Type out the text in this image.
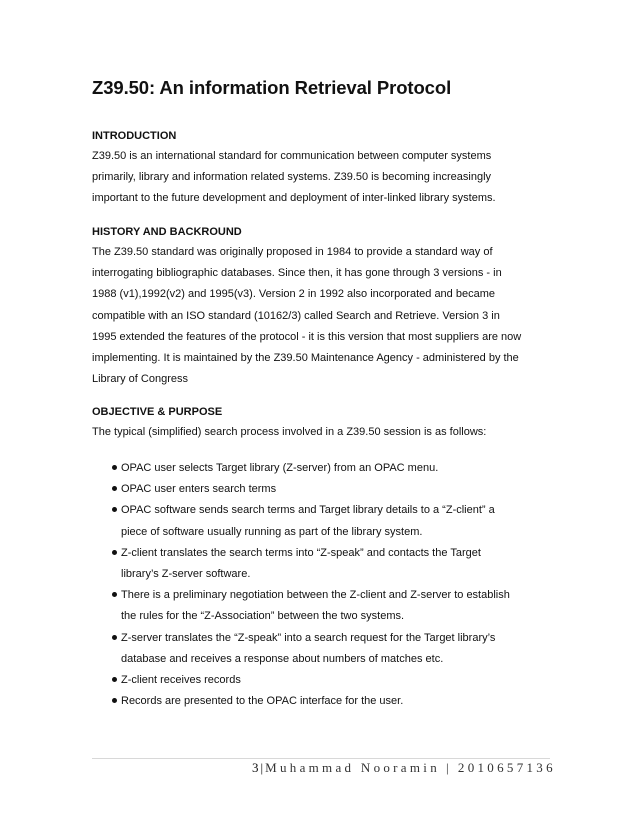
Z39.50: An information Retrieval Protocol
INTRODUCTION
Z39.50 is an international standard for communication between computer systems
primarily, library and information related systems. Z39.50 is becoming increasingly
important to the future development and deployment of inter-linked library systems.
HISTORY AND BACKROUND
The Z39.50 standard was originally proposed in 1984 to provide a standard way of
interrogating bibliographic databases. Since then, it has gone through 3 versions - in
1988 (v1),1992(v2) and 1995(v3). Version 2 in 1992 also incorporated and became
compatible with an ISO standard (10162/3) called Search and Retrieve. Version 3 in
1995 extended the features of the protocol - it is this version that most suppliers are now
implementing. It is maintained by the Z39.50 Maintenance Agency - administered by the
Library of Congress
OBJECTIVE & PURPOSE
The typical (simplified) search process involved in a Z39.50 session is as follows:
OPAC user selects Target library (Z-server) from an OPAC menu.
OPAC user enters search terms
OPAC software sends search terms and Target library details to a “Z-client” a
piece of software usually running as part of the library system.
Z-client translates the search terms into “Z-speak” and contacts the Target
library’s Z-server software.
There is a preliminary negotiation between the Z-client and Z-server to establish
the rules for the “Z-Association” between the two systems.
Z-server translates the “Z-speak” into a search request for the Target library’s
database and receives a response about numbers of matches etc.
Z-client receives records
Records are presented to the OPAC interface for the user.
3 | Muhammad Nooramin | 2010657136
